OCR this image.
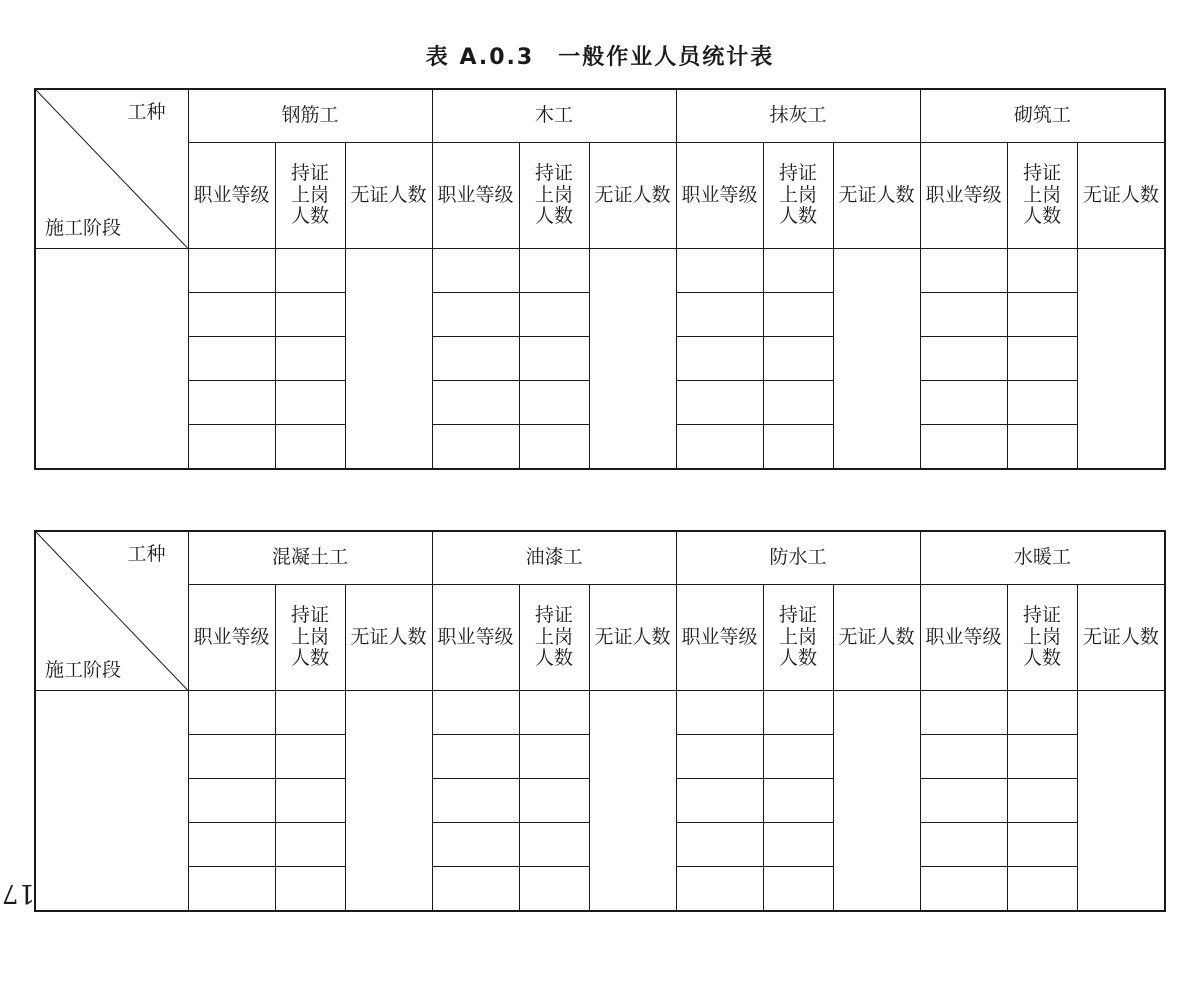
表 A.0.3　一般作业人员统计表
工种
施工阶段	钢筋工			木工			抹灰工			砌筑工		
	职业等级	持证上岗人数	无证人数	职业等级	持证上岗人数	无证人数	职业等级	持证上岗人数	无证人数	职业等级	持证上岗人数	无证人数

工种
施工阶段	混凝土工			油漆工			防水工			水暖工		
	职业等级	持证上岗人数	无证人数	职业等级	持证上岗人数	无证人数	职业等级	持证上岗人数	无证人数	职业等级	持证上岗人数	无证人数

17
